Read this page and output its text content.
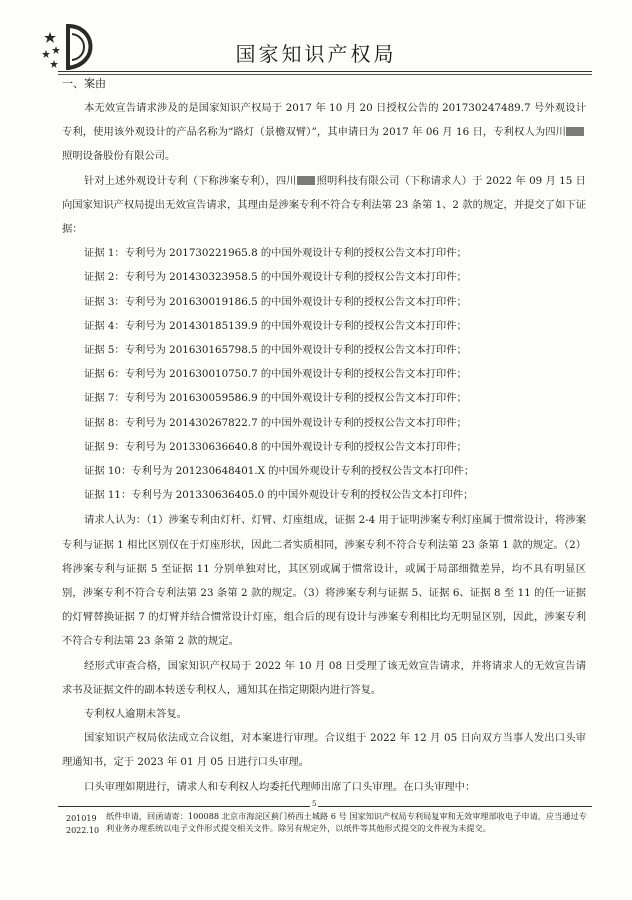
国家知识产权局
一、案由

本无效宣告请求涉及的是国家知识产权局于 2017 年 10 月 20 日授权公告的 201730247489.7 号外观设计专利，使用该外观设计的产品名称为“路灯（景檐双臂）”，其申请日为 2017 年 06 月 16 日，专利权人为四川照明设备股份有限公司。

针对上述外观设计专利（下称涉案专利），四川 照明科技有限公司（下称请求人）于 2022 年 09 月 15 日向国家知识产权局提出无效宣告请求，其理由是涉案专利不符合专利法第 23 条第 1、2 款的规定，并提交了如下证据：

证据 1：专利号为 201730221965.8 的中国外观设计专利的授权公告文本打印件；

证据 2：专利号为 201430323958.5 的中国外观设计专利的授权公告文本打印件；

证据 3：专利号为 201630019186.5 的中国外观设计专利的授权公告文本打印件；

证据 4：专利号为 201430185139.9 的中国外观设计专利的授权公告文本打印件；

证据 5：专利号为 201630165798.5 的中国外观设计专利的授权公告文本打印件；

证据 6：专利号为 201630010750.7 的中国外观设计专利的授权公告文本打印件；

证据 7：专利号为 201630059586.9 的中国外观设计专利的授权公告文本打印件；

证据 8：专利号为 201430267822.7 的中国外观设计专利的授权公告文本打印件；

证据 9：专利号为 201330636640.8 的中国外观设计专利的授权公告文本打印件；

证据 10：专利号为 201230648401.X 的中国外观设计专利的授权公告文本打印件；

证据 11：专利号为 201330636405.0 的中国外观设计专利的授权公告文本打印件；

请求人认为：（1）涉案专利由灯杆、灯臂、灯座组成，证据 2-4 用于证明涉案专利灯座属于惯常设计，将涉案专利与证据 1 相比区别仅在于灯座形状，因此二者实质相同，涉案专利不符合专利法第 23 条第 1 款的规定。（2）将涉案专利与证据 5 至证据 11 分别单独对比，其区别或属于惯常设计，或属于局部细微差异，均不具有明显区别，涉案专利不符合专利法第 23 条第 2 款的规定。（3）将涉案专利与证据 5、证据 6、证据 8 至 11 的任一证据的灯臂替换证据 7 的灯臂并结合惯常设计灯座，组合后的现有设计与涉案专利相比均无明显区别，因此，涉案专利不符合专利法第 23 条第 2 款的规定。

经形式审查合格，国家知识产权局于 2022 年 10 月 08 日受理了该无效宣告请求，并将请求人的无效宣告请求书及证据文件的副本转送专利权人，通知其在指定期限内进行答复。

专利权人逾期未答复。

国家知识产权局依法成立合议组，对本案进行审理。合议组于 2022 年 12 月 05 日向双方当事人发出口头审理通知书，定于 2023 年 01 月 05 日进行口头审理。

口头审理如期进行，请求人和专利权人均委托代理师出席了口头审理。在口头审理中：

5
201019
2022.10
纸件申请，回函请寄：100088 北京市海淀区蓟门桥西土城路 6 号 国家知识产权局专利局复审和无效审理部收电子申请，应当通过专利业务办理系统以电子文件形式提交相关文件。除另有规定外，以纸件等其他形式提交的文件视为未提交。
